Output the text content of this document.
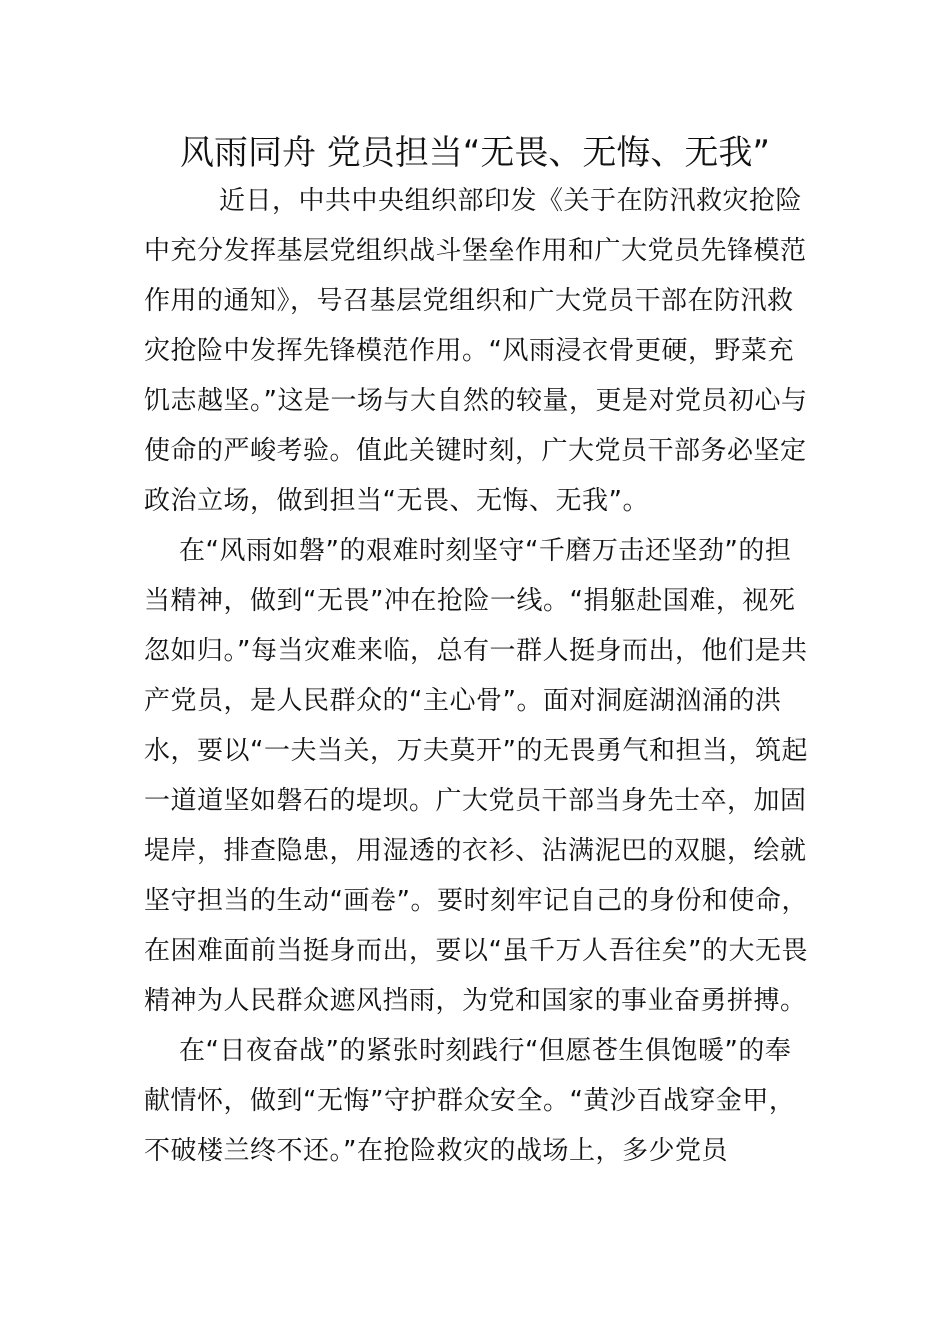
风雨同舟 党员担当“无畏、无悔、无我”

近日，中共中央组织部印发《关于在防汛救灾抢险中充分发挥基层党组织战斗堡垒作用和广大党员先锋模范作用的通知》，号召基层党组织和广大党员干部在防汛救灾抢险中发挥先锋模范作用。“风雨浸衣骨更硬，野菜充饥志越坚。”这是一场与大自然的较量，更是对党员初心与使命的严峻考验。值此关键时刻，广大党员干部务必坚定政治立场，做到担当“无畏、无悔、无我”。

在“风雨如磐”的艰难时刻坚守“千磨万击还坚劲”的担当精神，做到“无畏”冲在抢险一线。“捐躯赴国难，视死忽如归。”每当灾难来临，总有一群人挺身而出，他们是共产党员，是人民群众的“主心骨”。面对洞庭湖汹涌的洪水，要以“一夫当关，万夫莫开”的无畏勇气和担当，筑起一道道坚如磐石的堤坝。广大党员干部当身先士卒，加固堤岸，排查隐患，用湿透的衣衫、沾满泥巴的双腿，绘就坚守担当的生动“画卷”。要时刻牢记自己的身份和使命，在困难面前当挺身而出，要以“虽千万人吾往矣”的大无畏精神为人民群众遮风挡雨，为党和国家的事业奋勇拼搏。

在“日夜奋战”的紧张时刻践行“但愿苍生俱饱暖”的奉献情怀，做到“无悔”守护群众安全。“黄沙百战穿金甲，不破楼兰终不还。”在抢险救灾的战场上，多少党员
